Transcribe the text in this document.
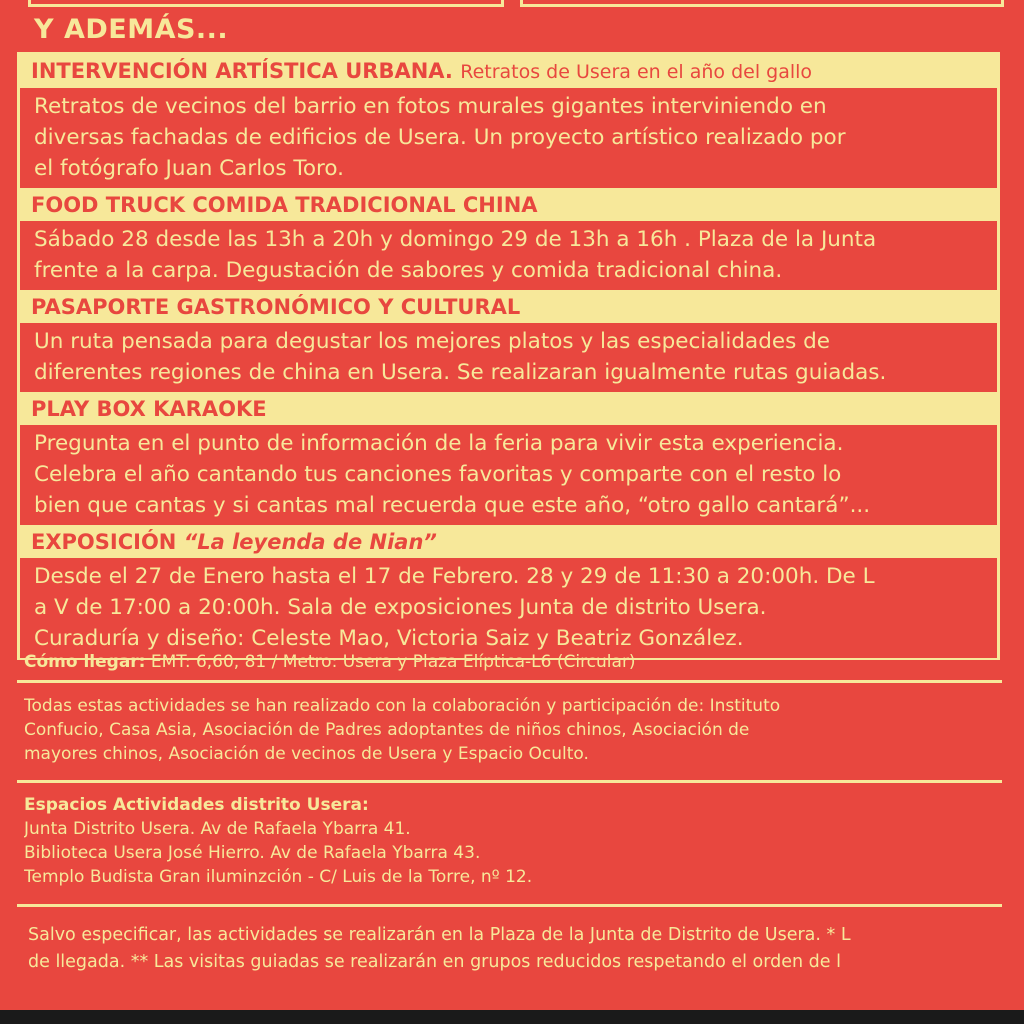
Y ADEMÁS...
INTERVENCIÓN ARTÍSTICA URBANA. Retratos de Usera en el año del gallo
Retratos de vecinos del barrio en fotos murales gigantes interviniendo en
diversas fachadas de edificios de Usera. Un proyecto artístico realizado por
el fotógrafo Juan Carlos Toro.
FOOD TRUCK COMIDA TRADICIONAL CHINA
Sábado 28 desde las 13h a 20h y domingo 29 de 13h a 16h . Plaza de la Junta
frente a la carpa. Degustación de sabores y comida tradicional china.
PASAPORTE GASTRONÓMICO Y CULTURAL
Un ruta pensada para degustar los mejores platos y las especialidades de
diferentes regiones de china en Usera. Se realizaran igualmente rutas guiadas.
PLAY BOX KARAOKE
Pregunta en el punto de información de la feria para vivir esta experiencia.
Celebra el año cantando tus canciones favoritas y comparte con el resto lo
bien que cantas y si cantas mal recuerda que este año, “otro gallo cantará”...
EXPOSICIÓN “La leyenda de Nian”
Desde el 27 de Enero hasta el 17 de Febrero. 28 y 29 de 11:30 a 20:00h. De L
a V de 17:00 a 20:00h. Sala de exposiciones Junta de distrito Usera.
Curaduría y diseño: Celeste Mao, Victoria Saiz y Beatriz González.
Cómo llegar: EMT: 6,60, 81 / Metro: Usera y Plaza Elíptica-L6 (Circular)
Todas estas actividades se han realizado con la colaboración y participación de: Instituto
Confucio, Casa Asia, Asociación de Padres adoptantes de niños chinos, Asociación de
mayores chinos, Asociación de vecinos de Usera y Espacio Oculto.
Espacios Actividades distrito Usera:
Junta Distrito Usera. Av de Rafaela Ybarra 41.
Biblioteca Usera José Hierro. Av de Rafaela Ybarra 43.
Templo Budista Gran iluminzción - C/ Luis de la Torre, nº 12.
Salvo especificar, las actividades se realizarán en la Plaza de la Junta de Distrito de Usera. * L
de llegada. ** Las visitas guiadas se realizarán en grupos reducidos respetando el orden de l
